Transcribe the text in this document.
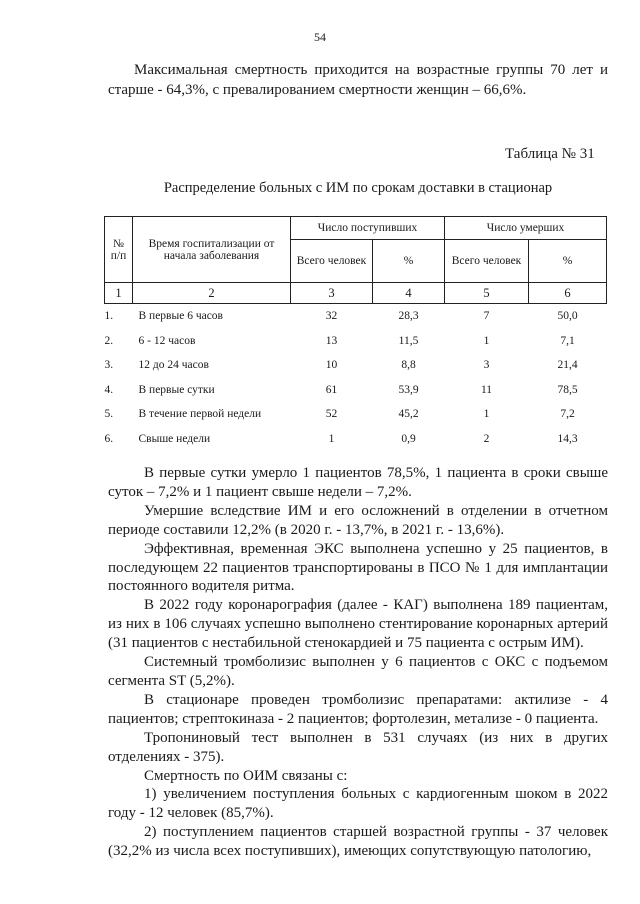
54

Максимальная смертность приходится на возрастные группы 70 лет и старше - 64,3%, с превалированием смертности женщин – 66,6%.

Таблица № 31
Распределение больных с ИМ по срокам доставки в стационар
№ п/п	Время госпитализации от начала заболевания	Число поступивших		Число умерших	
		Всего человек	%	Всего человек	%
1	2	3	4	5	6
1.	В первые 6 часов	32	28,3	7	50,0
2.	6 - 12 часов	13	11,5	1	7,1
3.	12 до 24 часов	10	8,8	3	21,4
4.	В первые сутки	61	53,9	11	78,5
5.	В течение первой недели	52	45,2	1	7,2
6.	Свыше недели	1	0,9	2	14,3

В первые сутки умерло 1 пациентов 78,5%, 1 пациента в сроки свыше суток – 7,2% и 1 пациент свыше недели – 7,2%.

Умершие вследствие ИМ и его осложнений в отделении в отчетном периоде составили 12,2% (в 2020 г. - 13,7%, в 2021 г. - 13,6%).

Эффективная, временная ЭКС выполнена успешно у 25 пациентов, в последующем 22 пациентов транспортированы в ПСО № 1 для имплантации постоянного водителя ритма.

В 2022 году коронарография (далее - КАГ) выполнена 189 пациентам, из них в 106 случаях успешно выполнено стентирование коронарных артерий (31 пациентов с нестабильной стенокардией и 75 пациента с острым ИМ).

Системный тромболизис выполнен у 6 пациентов с ОКС с подъемом сегмента ST (5,2%).

В стационаре проведен тромболизис препаратами: актилизе - 4 пациентов; стрептокиназа - 2 пациентов; фортолезин, метализе - 0 пациента.

Тропониновый тест выполнен в 531 случаях (из них в других отделениях - 375).

Смертность по ОИМ связаны с:

1) увеличением поступления больных с кардиогенным шоком в 2022 году - 12 человек (85,7%).

2) поступлением пациентов старшей возрастной группы - 37 человек (32,2% из числа всех поступивших), имеющих сопутствующую патологию,
